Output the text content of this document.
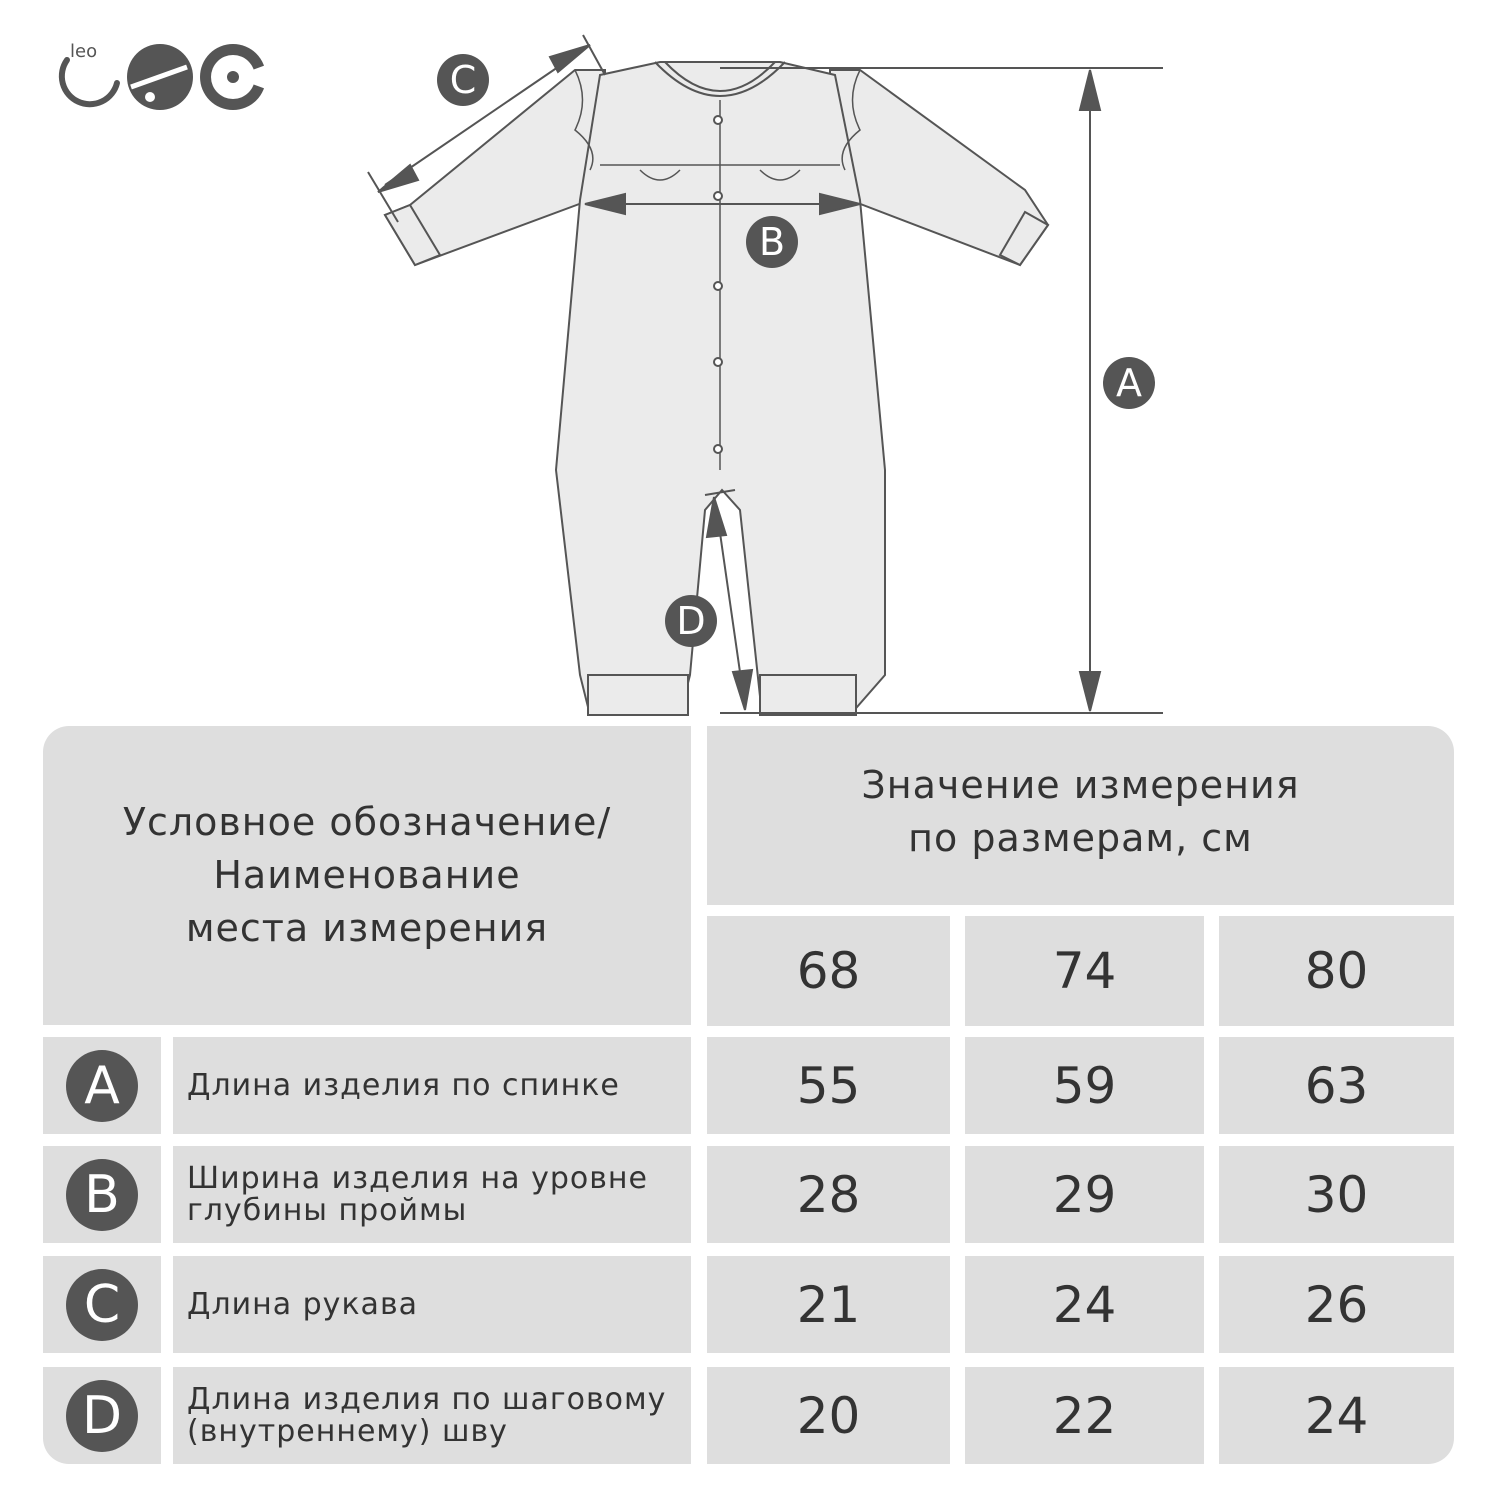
leo
C
B
A
D
Условное обозначение/
Наименование
места измерения
Значение измерения
по размерам, см
68	74	80
A	Длина изделия по спинке	55	59	63
B	Ширина изделия на уровне
глубины проймы	28	29	30
C	Длина рукава	21	24	26
D	Длина изделия по шаговому
(внутреннему) шву	20	22	24
